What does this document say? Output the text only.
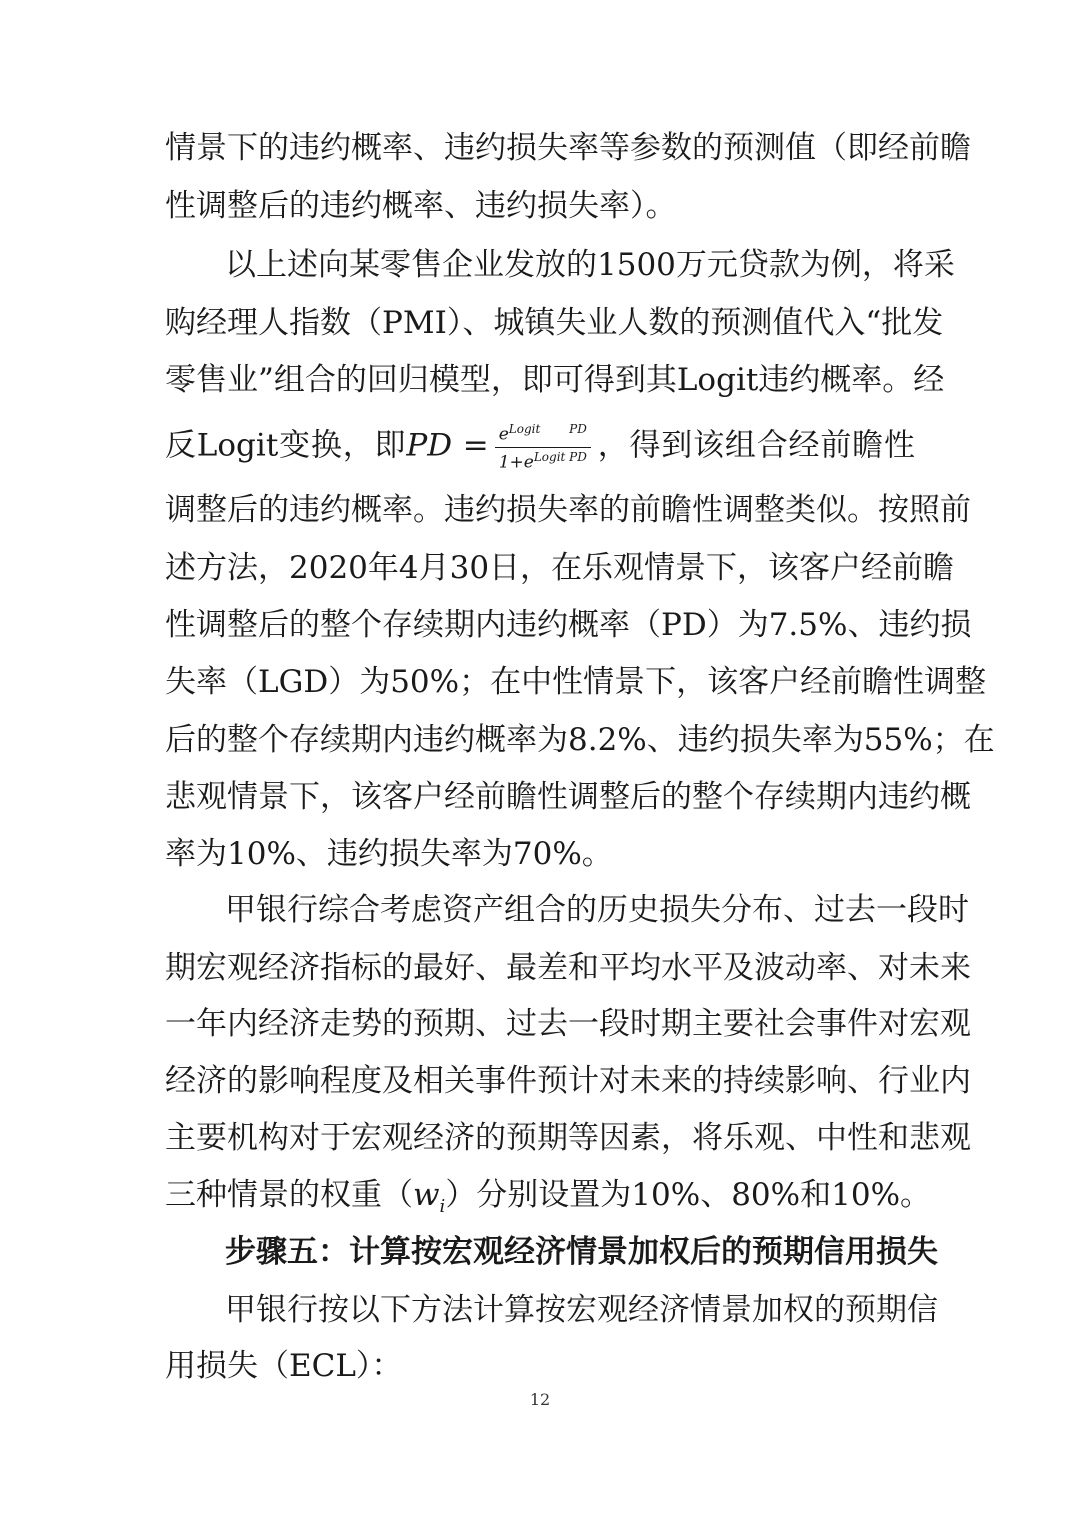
情景下的违约概率、违约损失率等参数的预测值（即经前瞻
性调整后的违约概率、违约损失率）。
以上述向某零售企业发放的1500万元贷款为例，将采
购经理人指数（PMI）、城镇失业人数的预测值代入“批发
零售业”组合的回归模型，即可得到其Logit违约概率。经
反Logit变换，即PD = $\frac{e^{Logit PD}}{1+e^{Logit PD}}$ ，得到该组合经前瞻性
调整后的违约概率。违约损失率的前瞻性调整类似。按照前
述方法，2020年4月30日，在乐观情景下，该客户经前瞻
性调整后的整个存续期内违约概率（PD）为7.5%、违约损
失率（LGD）为50%；在中性情景下，该客户经前瞻性调整
后的整个存续期内违约概率为8.2%、违约损失率为55%；在
悲观情景下，该客户经前瞻性调整后的整个存续期内违约概
率为10%、违约损失率为70%。
甲银行综合考虑资产组合的历史损失分布、过去一段时
期宏观经济指标的最好、最差和平均水平及波动率、对未来
一年内经济走势的预期、过去一段时期主要社会事件对宏观
经济的影响程度及相关事件预计对未来的持续影响、行业内
主要机构对于宏观经济的预期等因素，将乐观、中性和悲观
三种情景的权重$(w_i)$分别设置为10%、80%和10%。
步骤五：计算按宏观经济情景加权后的预期信用损失
甲银行按以下方法计算按宏观经济情景加权的预期信
用损失（ECL）：
12
